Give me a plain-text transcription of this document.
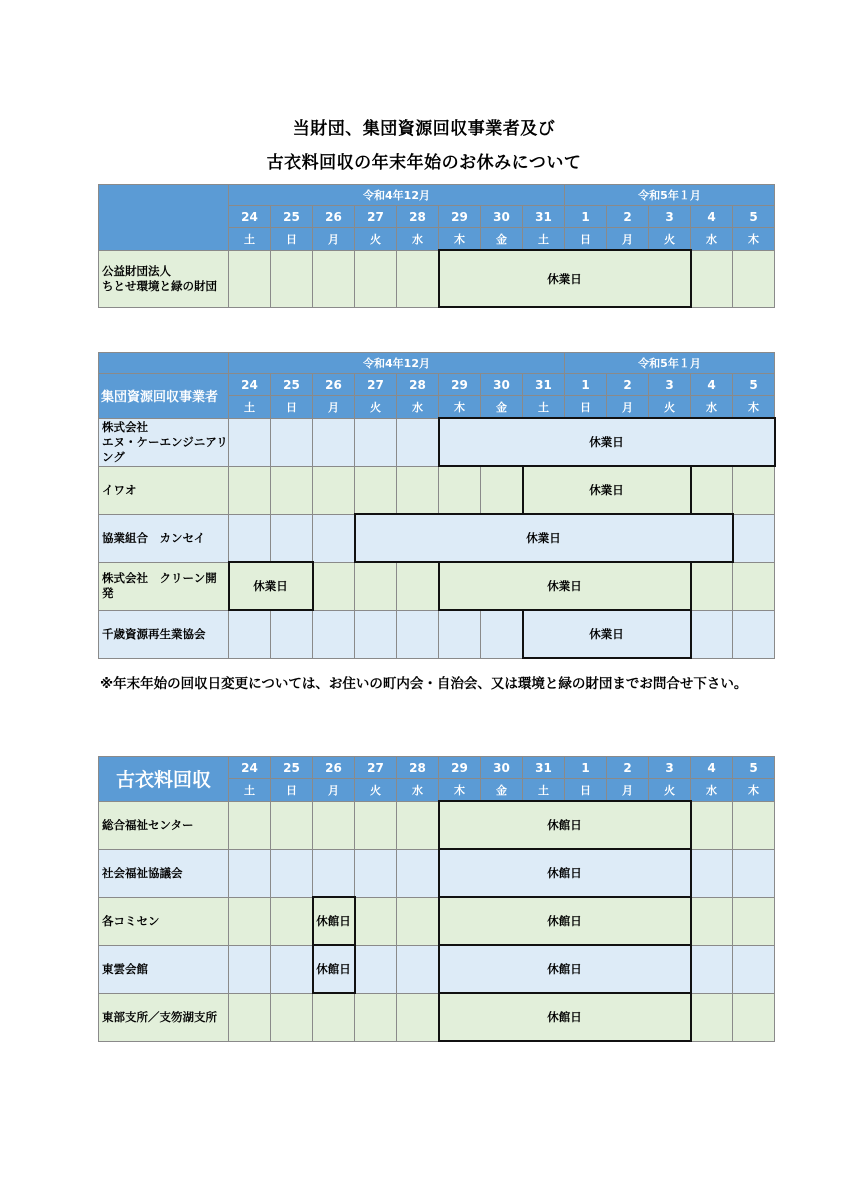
当財団、集団資源回収事業者及び
古衣料回収の年末年始のお休みについて
	令和4年12月								令和5年１月				
	24	25	26	27	28	29	30	31	1	2	3	4	5
	土	日	月	火	水	木	金	土	日	月	火	水	木
公益財団法人
ちとせ環境と緑の財団						休業日							
	令和4年12月								令和5年１月				
集団資源回収事業者	24	25	26	27	28	29	30	31	1	2	3	4	5
	土	日	月	火	水	木	金	土	日	月	火	水	木
株式会社
エヌ・ケーエンジニアリング						休業日							
イワオ								休業日					
協業組合　カンセイ				休業日									
株式会社　クリーン開発	休業日					休業日							
千歳資源再生業協会								休業日					
※年末年始の回収日変更については、お住いの町内会・自治会、又は環境と緑の財団までお問合せ下さい。
古衣料回収	24	25	26	27	28	29	30	31	1	2	3	4	5
	土	日	月	火	水	木	金	土	日	月	火	水	木
総合福祉センター						休館日							
社会福祉協議会						休館日							
各コミセン			休館日			休館日							
東雲会館			休館日			休館日							
東部支所／支笏湖支所						休館日							
